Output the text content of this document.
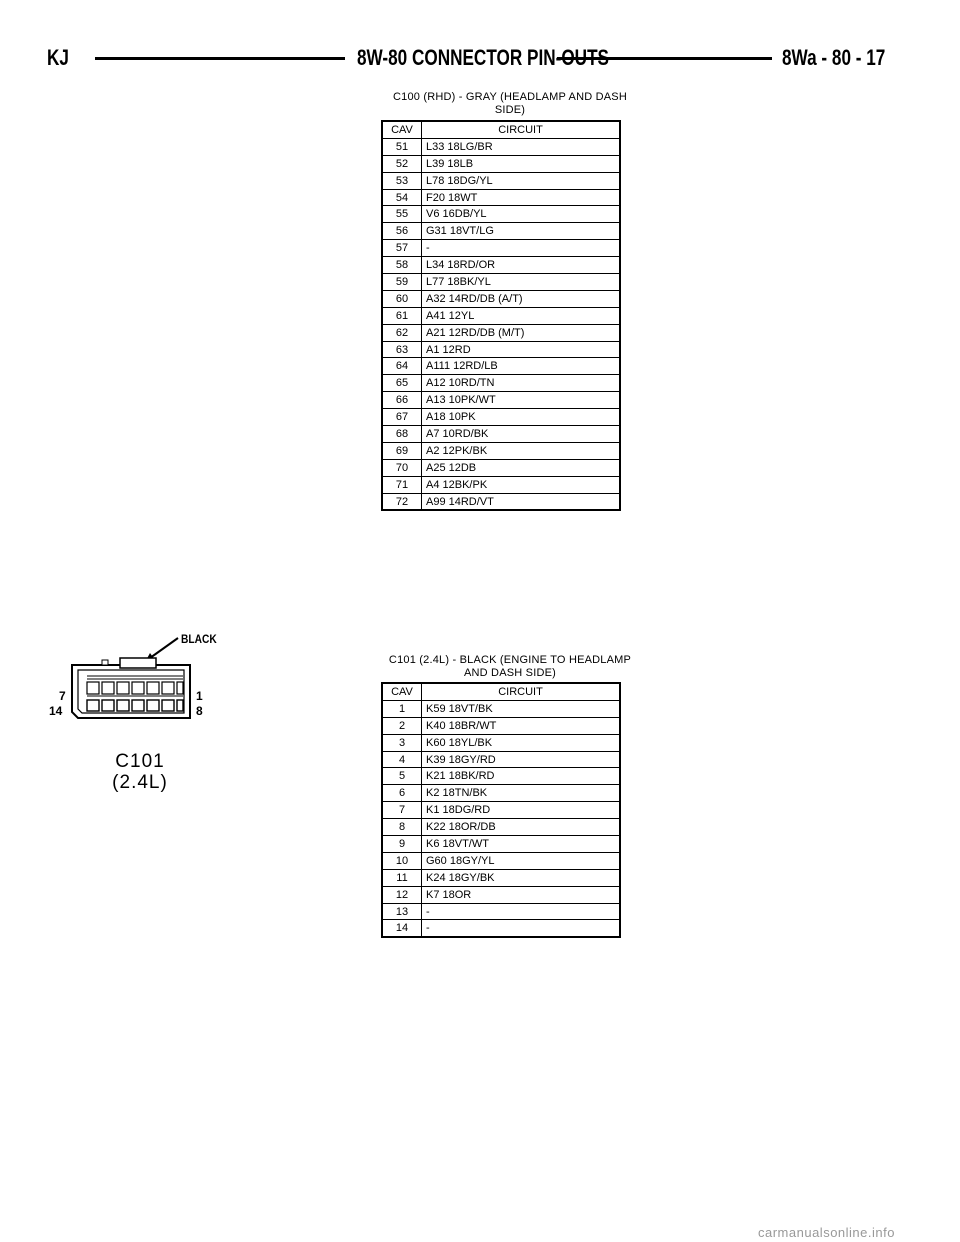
KJ	8W-80 CONNECTOR PIN-OUTS	8Wa - 80 - 17
C100 (RHD) - GRAY (HEADLAMP AND DASH
SIDE)
CAV	CIRCUIT
51	L33 18LG/BR
52	L39 18LB
53	L78 18DG/YL
54	F20 18WT
55	V6 16DB/YL
56	G31 18VT/LG
57	-
58	L34 18RD/OR
59	L77 18BK/YL
60	A32 14RD/DB (A/T)
61	A41 12YL
62	A21 12RD/DB (M/T)
63	A1 12RD
64	A111 12RD/LB
65	A12 10RD/TN
66	A13 10PK/WT
67	A18 10PK
68	A7 10RD/BK
69	A2 12PK/BK
70	A25 12DB
71	A4 12BK/PK
72	A99 14RD/VT
C101 (2.4L) - BLACK (ENGINE TO HEADLAMP
AND DASH SIDE)
CAV	CIRCUIT
1	K59 18VT/BK
2	K40 18BR/WT
3	K60 18YL/BK
4	K39 18GY/RD
5	K21 18BK/RD
6	K2 18TN/BK
7	K1 18DG/RD
8	K22 18OR/DB
9	K6 18VT/WT
10	G60 18GY/YL
11	K24 18GY/BK
12	K7 18OR
13	-
14	-
BLACK
7
14
1
8
C101
(2.4L)
carmanualsonline.info
